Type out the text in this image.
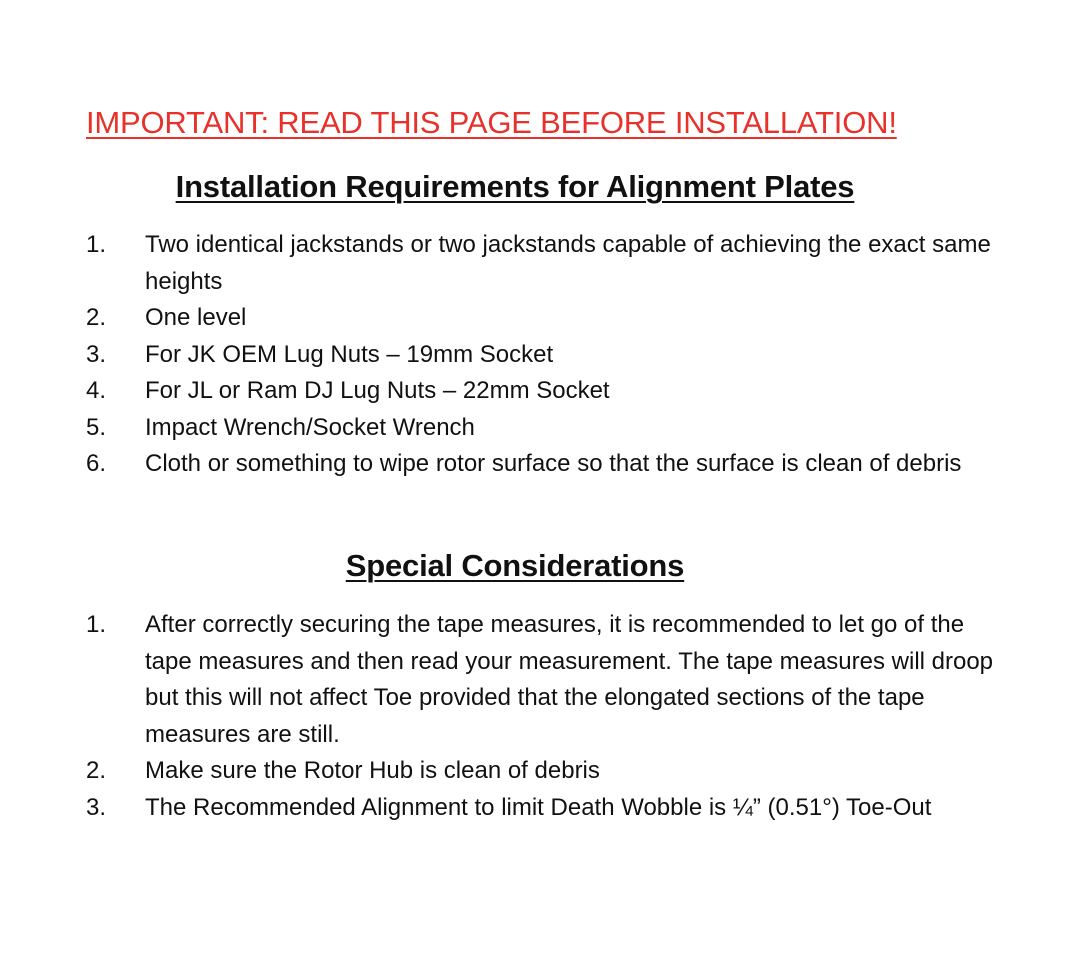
IMPORTANT: READ THIS PAGE BEFORE INSTALLATION!
Installation Requirements for Alignment Plates
1.	Two identical jackstands or two jackstands capable of achieving the exact same heights
2.	One level
3.	For JK OEM Lug Nuts – 19mm Socket
4.	For JL or Ram DJ Lug Nuts – 22mm Socket
5.	Impact Wrench/Socket Wrench
6.	Cloth or something to wipe rotor surface so that the surface is clean of debris
Special Considerations
1.	After correctly securing the tape measures, it is recommended to let go of the tape measures and then read your measurement. The tape measures will droop but this will not affect Toe provided that the elongated sections of the tape measures are still.
2.	Make sure the Rotor Hub is clean of debris
3.	The Recommended Alignment to limit Death Wobble is ¼” (0.51°) Toe-Out
